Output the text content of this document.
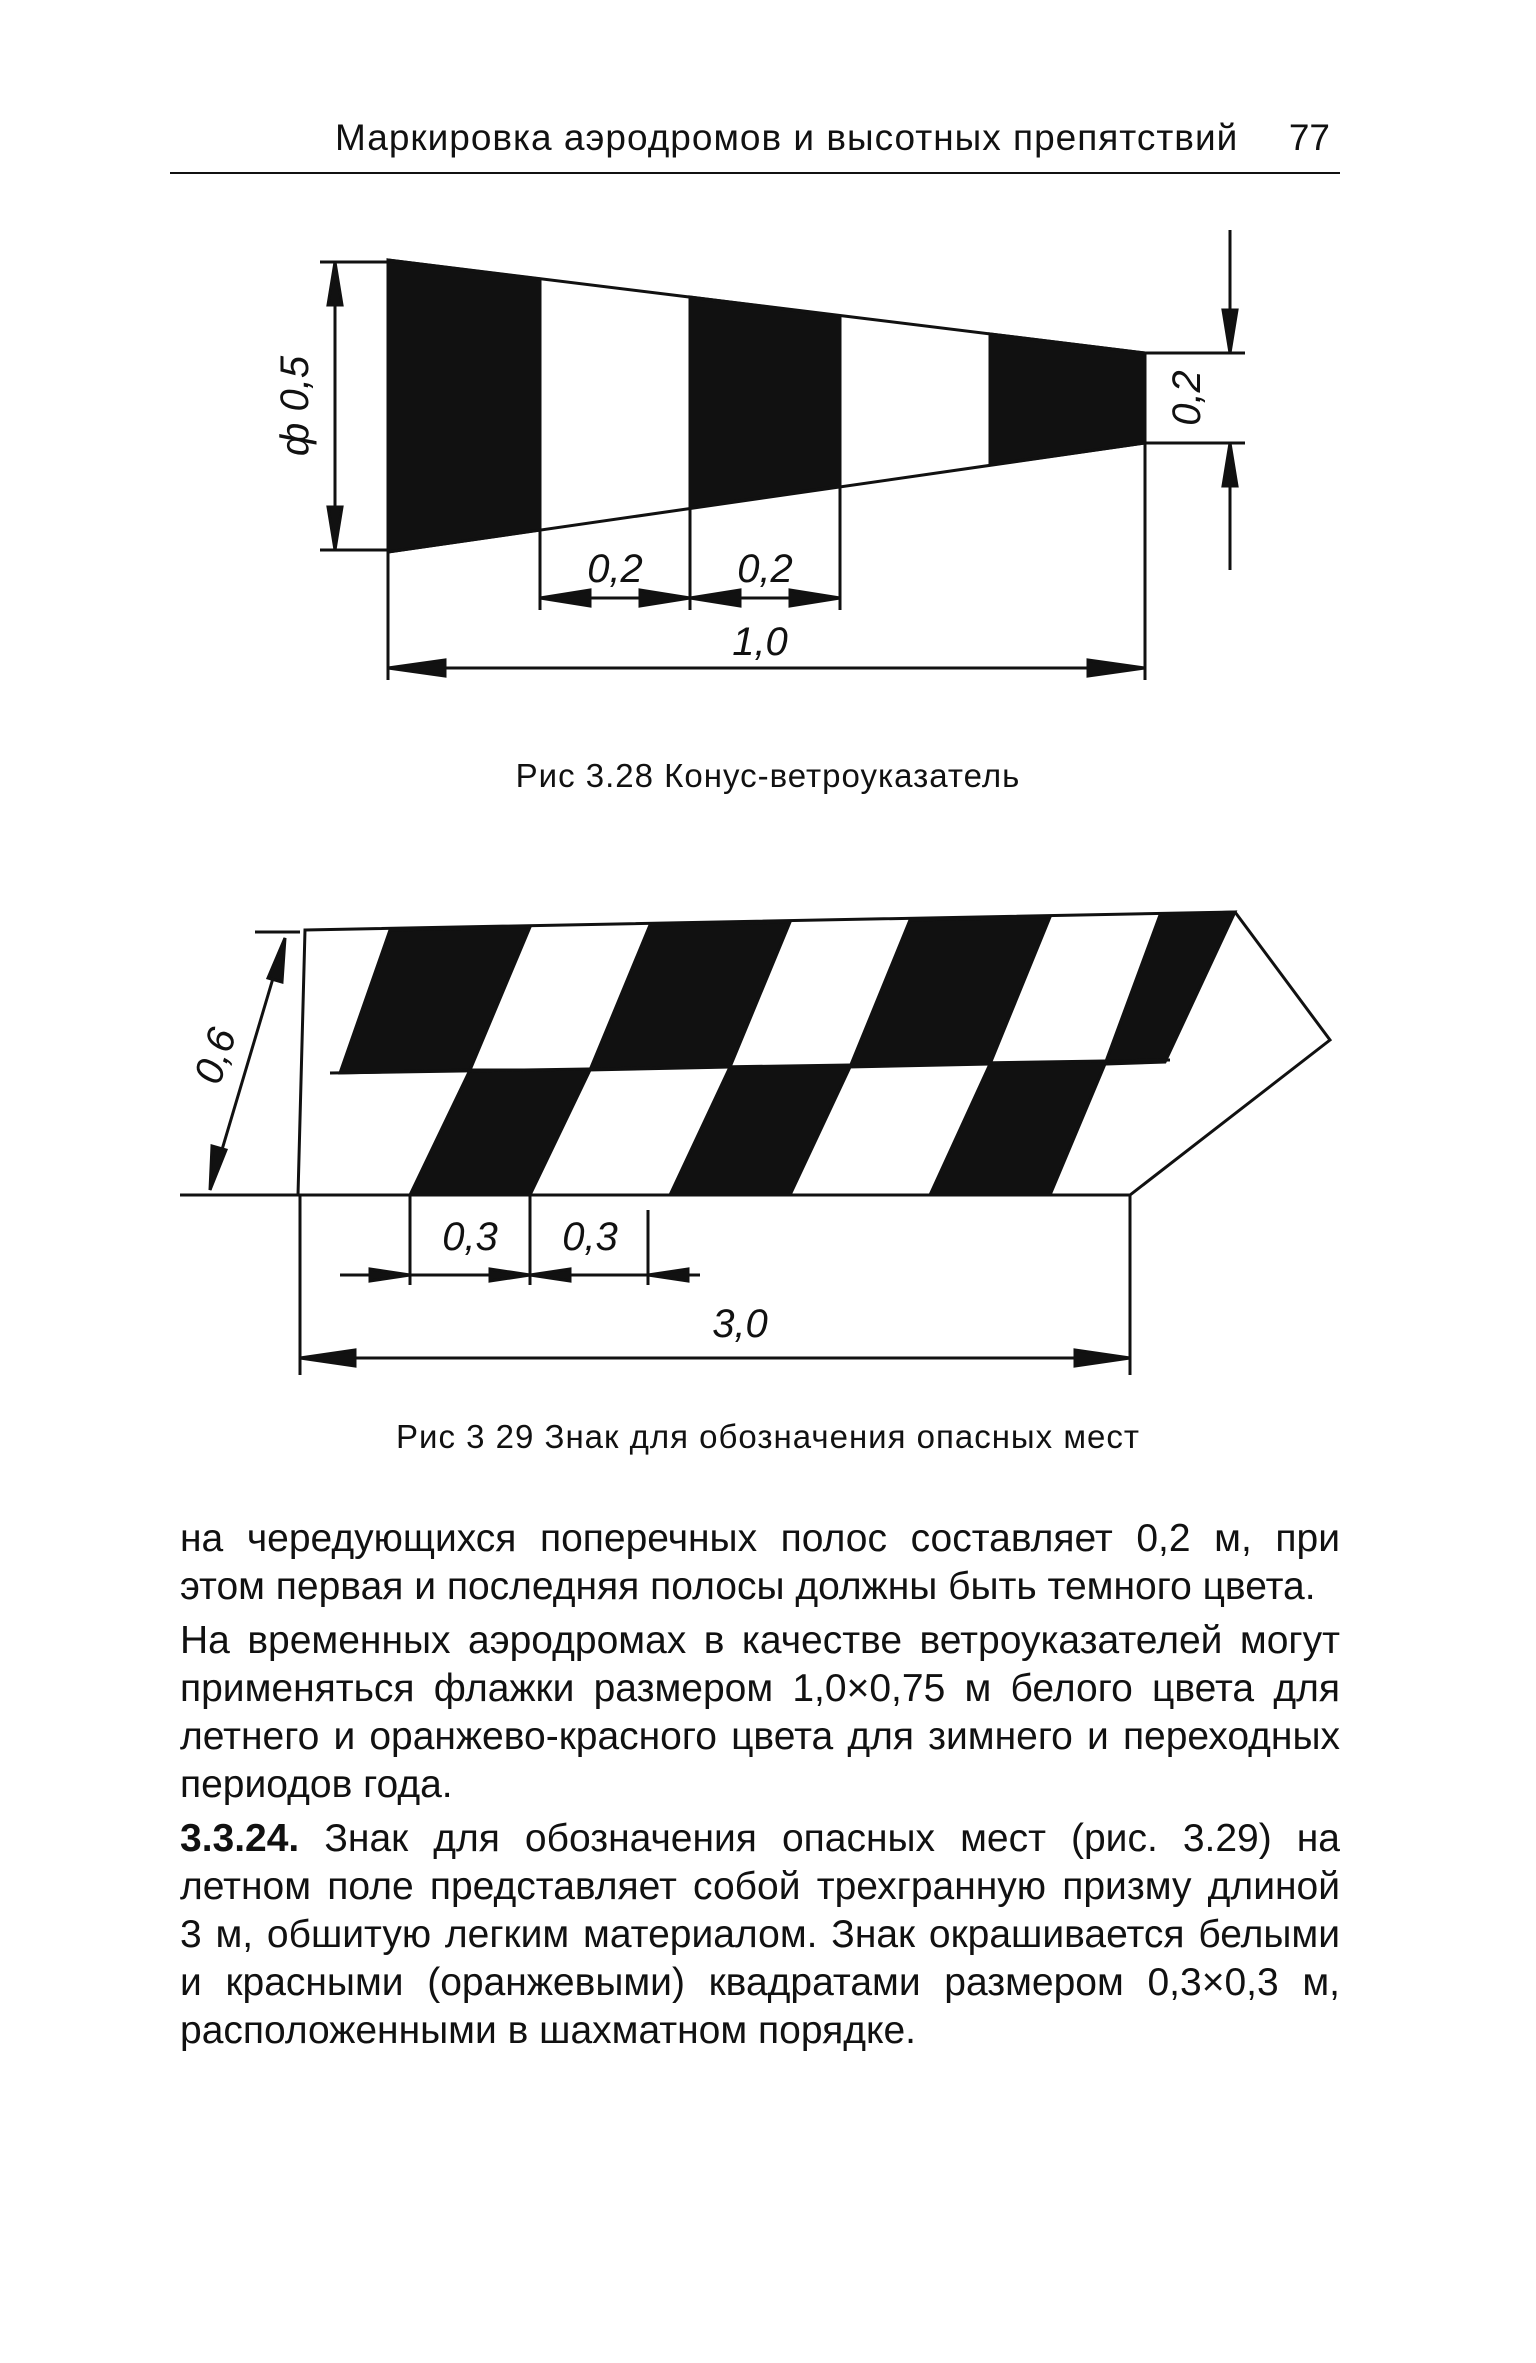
Маркировка аэродромов и высотных препятствий 77
ф 0,5	0,2
0,2 0,2
1,0
Рис 3.28 Конус-ветроуказатель
0,6
0,3 0,3
3,0
Рис 3 29 Знак для обозначения опасных мест

на чередующихся поперечных полос составляет 0,2 м, при этом первая и последняя полосы должны быть темного цвета.

На временных аэродромах в качестве ветроуказателей могут применяться флажки размером 1,0×0,75 м белого цвета для летнего и оранжево-красного цвета для зимнего и переходных периодов года.

3.3.24. Знак для обозначения опасных мест (рис. 3.29) на летном поле представляет собой трехгранную призму длиной 3 м, обшитую легким материалом. Знак окрашивается белыми и красными (оранжевыми) квадратами размером 0,3×0,3 м, расположенными в шахматном порядке.
